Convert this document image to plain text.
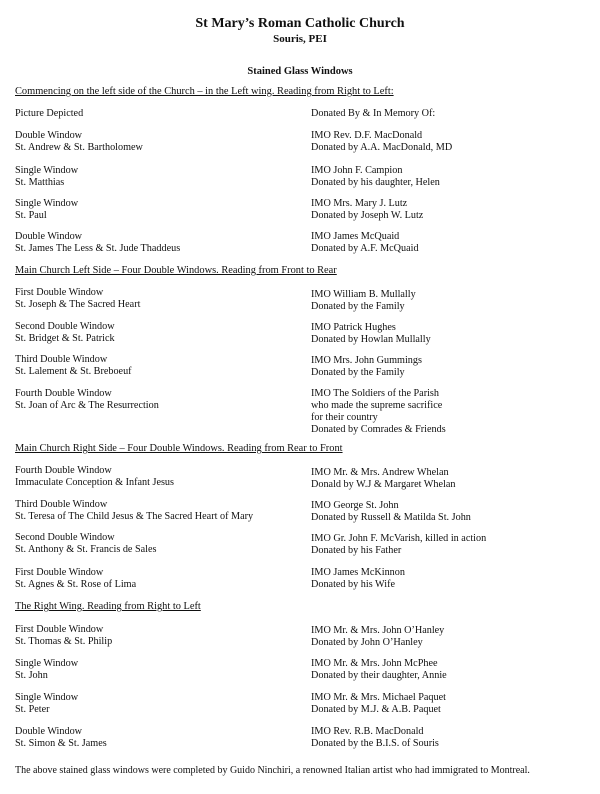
St Mary’s Roman Catholic Church
Souris, PEI
Stained Glass Windows
Commencing on the left side of the Church – in the Left wing. Reading from Right to Left:
Picture Depicted	Donated By & In Memory Of:
Double Window
St. Andrew & St. Bartholomew
IMO Rev. D.F. MacDonald
Donated by A.A. MacDonald, MD
Single Window
St. Matthias
IMO John F. Campion
Donated by his daughter, Helen
Single Window
St. Paul
IMO Mrs. Mary J. Lutz
Donated by Joseph W. Lutz
Double Window
St. James The Less & St. Jude Thaddeus
IMO James McQuaid
Donated by A.F. McQuaid
Main Church Left Side – Four Double Windows. Reading from Front to Rear
First Double Window
St. Joseph & The Sacred Heart
IMO William B. Mullally
Donated by the Family
Second Double Window
St. Bridget & St. Patrick
IMO Patrick Hughes
Donated by Howlan Mullally
Third Double Window
St. Lalement & St. Breboeuf
IMO Mrs. John Gummings
Donated by the Family
Fourth Double Window
St. Joan of Arc & The Resurrection
IMO The Soldiers of the Parish
who made the supreme sacrifice
for their country
Donated by Comrades & Friends
Main Church Right Side – Four Double Windows. Reading from Rear to Front
Fourth Double Window
Immaculate Conception & Infant Jesus
IMO Mr. & Mrs. Andrew Whelan
Donald by W.J & Margaret Whelan
Third Double Window
St. Teresa of The Child Jesus & The Sacred Heart of Mary
IMO George St. John
Donated by Russell & Matilda St. John
Second Double Window
St. Anthony & St. Francis de Sales
IMO Gr. John F. McVarish, killed in action
Donated by his Father
First Double Window
St. Agnes & St. Rose of Lima
IMO James McKinnon
Donated by his Wife
The Right Wing. Reading from Right to Left
First Double Window
St. Thomas & St. Philip
IMO Mr. & Mrs. John O’Hanley
Donated by John O’Hanley
Single Window
St. John
IMO Mr. & Mrs. John McPhee
Donated by their daughter, Annie
Single Window
St. Peter
IMO Mr. & Mrs. Michael Paquet
Donated by M.J. & A.B. Paquet
Double Window
St. Simon & St. James
IMO Rev. R.B. MacDonald
Donated by the B.I.S. of Souris
The above stained glass windows were completed by Guido Ninchiri, a renowned Italian artist who had immigrated to Montreal.
